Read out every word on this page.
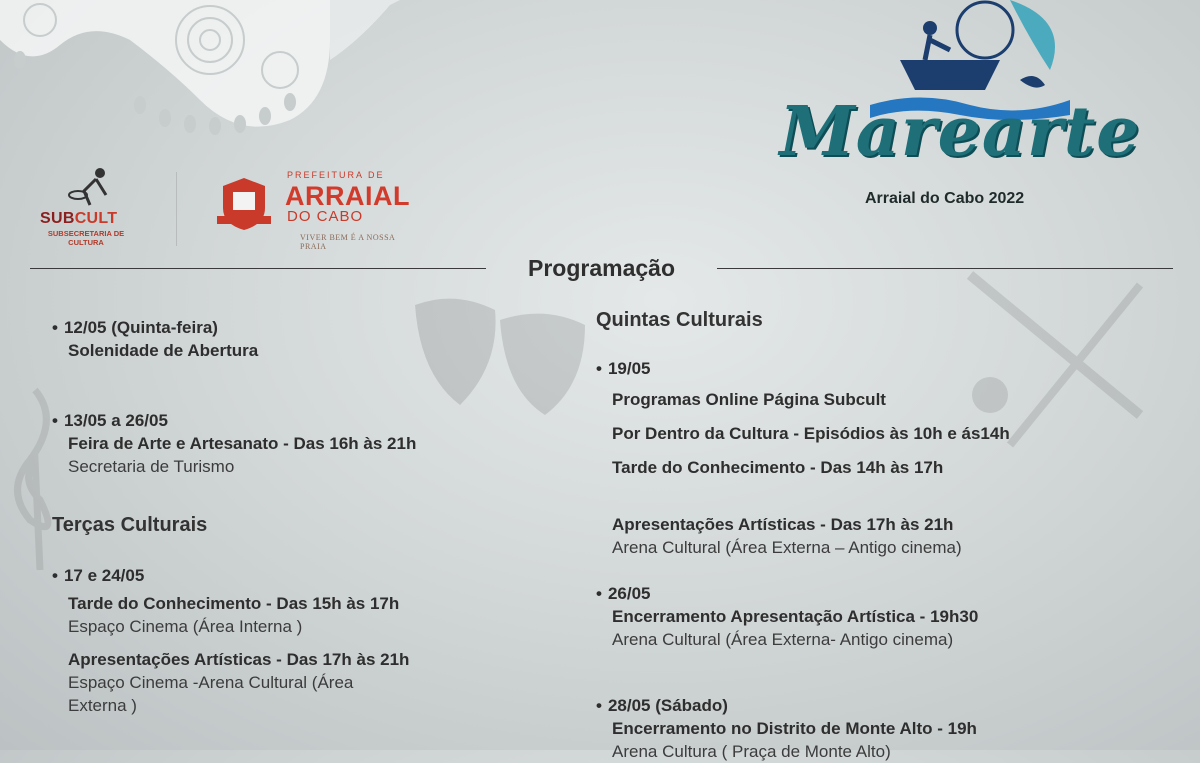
SUBCULT
SUBSECRETARIA DE CULTURA
PREFEITURA DE
ARRAIAL
DO CABO
VIVER BEM É A NOSSA PRAIA
Marearte
Arraial do Cabo 2022
Programação
• 12/05 (Quinta-feira)
Solenidade de Abertura
• 13/05 a 26/05
Feira de Arte e Artesanato - Das 16h às 21h
Secretaria de Turismo
Terças Culturais
• 17 e 24/05
Tarde do Conhecimento - Das 15h às 17h
Espaço Cinema (Área Interna )
Apresentações Artísticas - Das 17h às 21h
Espaço Cinema -Arena Cultural (Área
Externa )
Quintas Culturais
• 19/05
Programas Online Página Subcult
Por Dentro da Cultura - Episódios às 10h e ás14h
Tarde do Conhecimento - Das 14h às 17h
Apresentações Artísticas - Das 17h às 21h
Arena Cultural (Área Externa – Antigo cinema)
• 26/05
Encerramento Apresentação Artística - 19h30
Arena Cultural (Área Externa- Antigo cinema)
• 28/05 (Sábado)
Encerramento no Distrito de Monte Alto - 19h
Arena Cultura ( Praça de Monte Alto)
